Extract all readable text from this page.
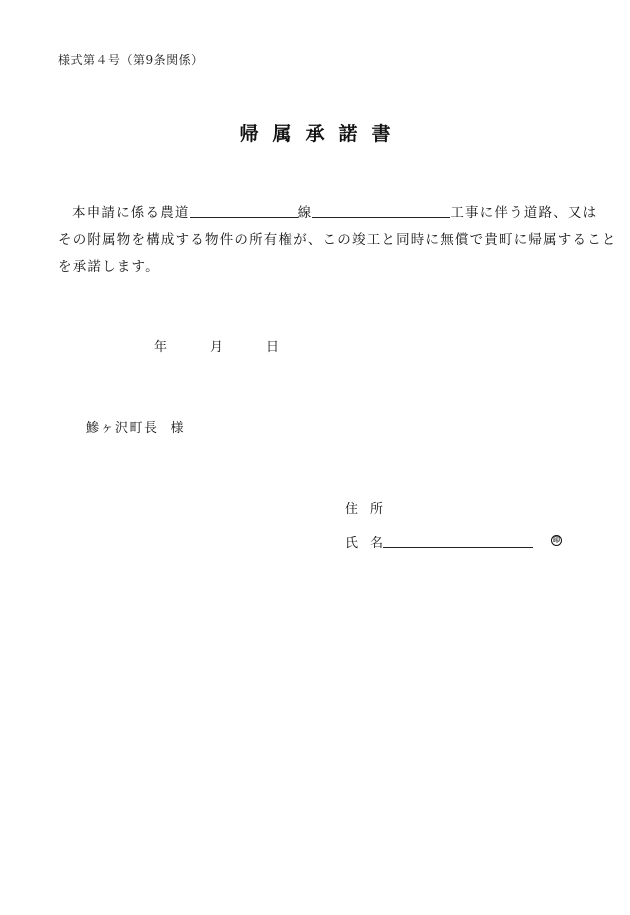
様式第４号（第9条関係）
帰属承諾書
本申請に係る農道	線	工事に伴う道路、又は
その附属物を構成する物件の所有権が、この竣工と同時に無償で貴町に帰属すること
を承諾します。
年	月	日
鰺ヶ沢町長 様
住所
氏名	印
